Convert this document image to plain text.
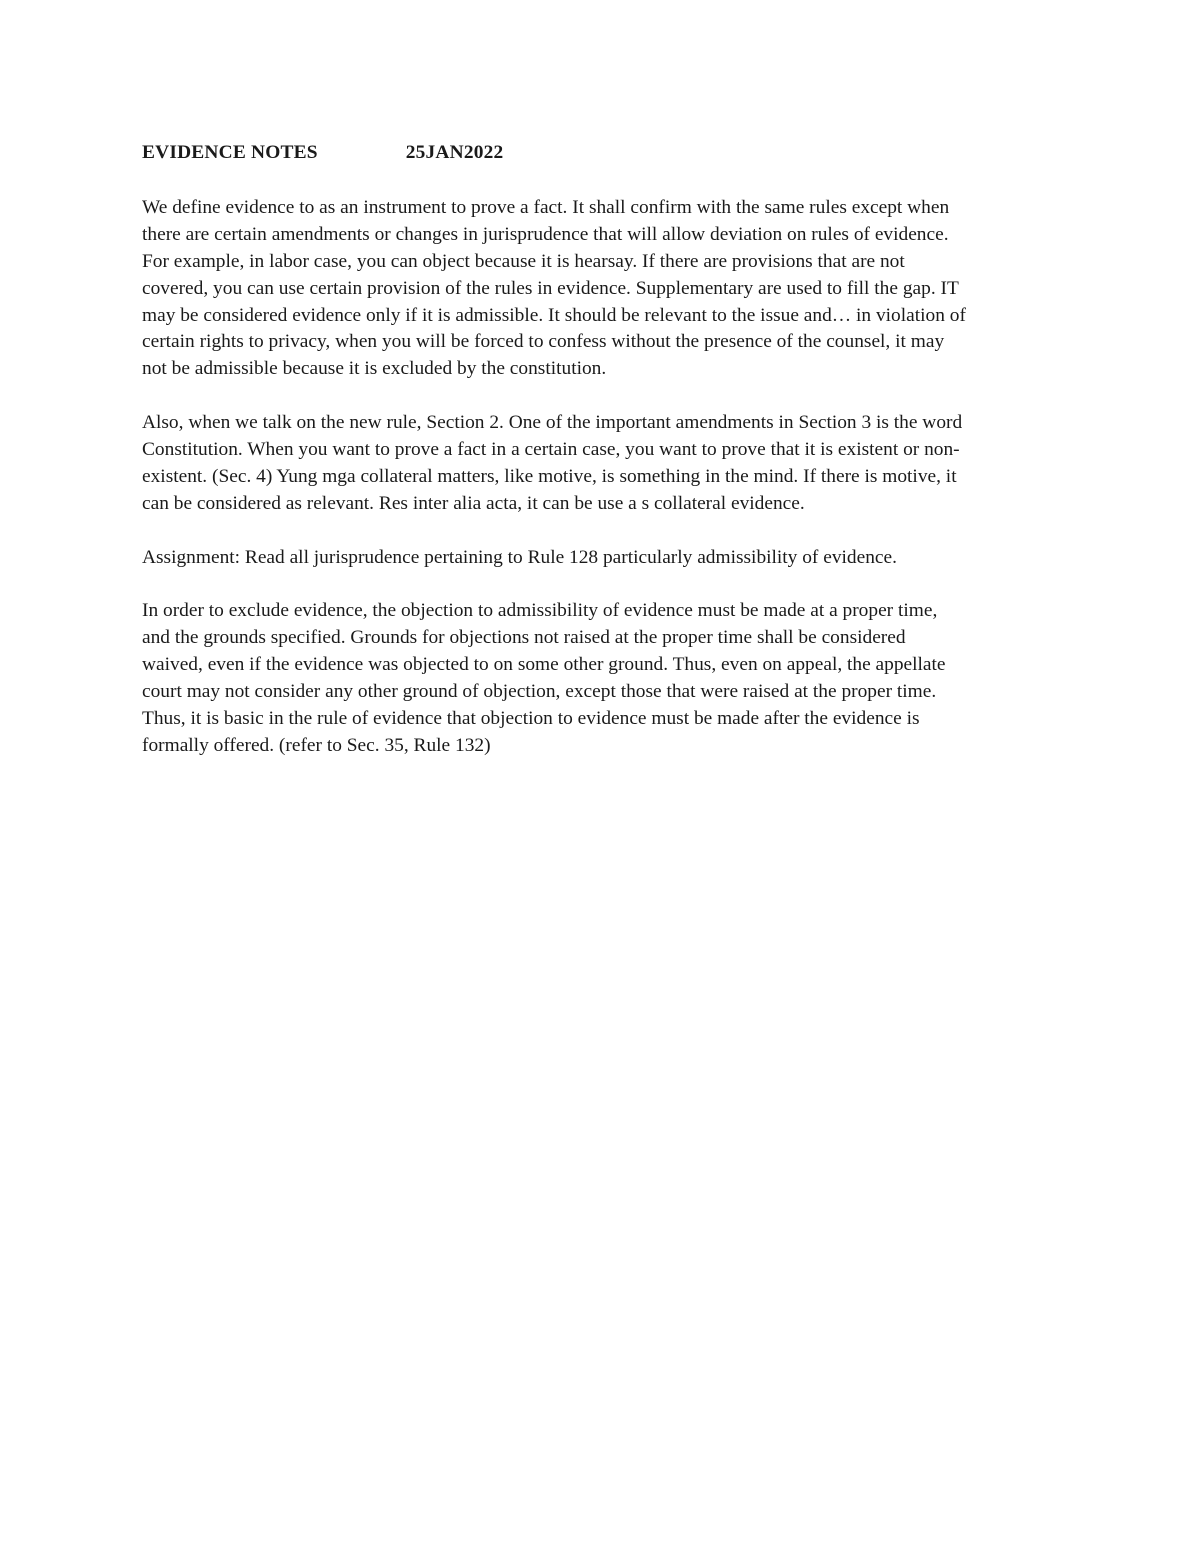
EVIDENCE NOTES	25JAN2022
We define evidence to as an instrument to prove a fact. It shall confirm with the same rules except when
there are certain amendments or changes in jurisprudence that will allow deviation on rules of evidence.
For example, in labor case, you can object because it is hearsay. If there are provisions that are not
covered, you can use certain provision of the rules in evidence. Supplementary are used to fill the gap. IT
may be considered evidence only if it is admissible. It should be relevant to the issue and… in violation of
certain rights to privacy, when you will be forced to confess without the presence of the counsel, it may
not be admissible because it is excluded by the constitution.
Also, when we talk on the new rule, Section 2. One of the important amendments in Section 3 is the word
Constitution. When you want to prove a fact in a certain case, you want to prove that it is existent or non-
existent. (Sec. 4) Yung mga collateral matters, like motive, is something in the mind. If there is motive, it
can be considered as relevant. Res inter alia acta, it can be use a s collateral evidence.
Assignment: Read all jurisprudence pertaining to Rule 128 particularly admissibility of evidence.
In order to exclude evidence, the objection to admissibility of evidence must be made at a proper time,
and the grounds specified. Grounds for objections not raised at the proper time shall be considered
waived, even if the evidence was objected to on some other ground. Thus, even on appeal, the appellate
court may not consider any other ground of objection, except those that were raised at the proper time.
Thus, it is basic in the rule of evidence that objection to evidence must be made after the evidence is
formally offered. (refer to Sec. 35, Rule 132)
